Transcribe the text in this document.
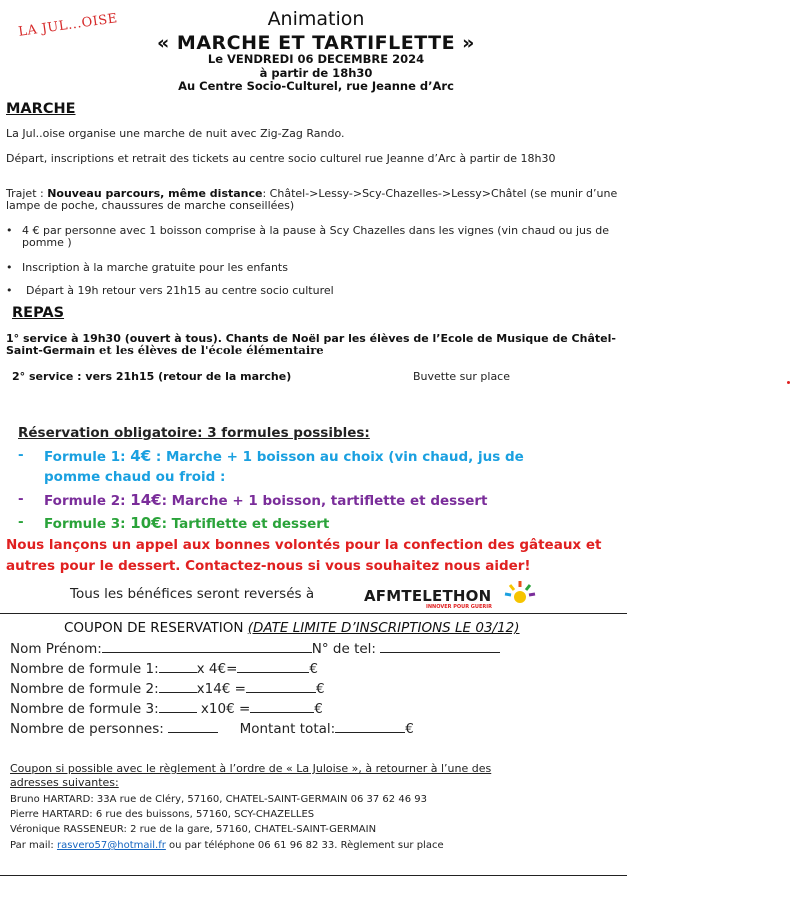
LA JUL...OISE	Animation
« MARCHE ET TARTIFLETTE »
Le VENDREDI 06 DECEMBRE 2024
à partir de 18h30
Au Centre Socio-Culturel, rue Jeanne d’Arc
MARCHE
La Jul..oise organise une marche de nuit avec Zig-Zag Rando.
Départ, inscriptions et retrait des tickets au centre socio culturel rue Jeanne d’Arc à partir de 18h30
Trajet : Nouveau parcours, même distance: Châtel->Lessy->Scy-Chazelles->Lessy>Châtel (se munir d’une lampe de poche, chaussures de marche conseillées)
• 4 € par personne avec 1 boisson comprise à la pause à Scy Chazelles dans les vignes (vin chaud ou jus de pomme )
• Inscription à la marche gratuite pour les enfants
• Départ à 19h retour vers 21h15 au centre socio culturel
REPAS
1° service à 19h30 (ouvert à tous). Chants de Noël par les élèves de l’Ecole de Musique de Châtel-Saint-Germain et les élèves de l'école élémentaire
2° service : vers 21h15 (retour de la marche)	Buvette sur place
Réservation obligatoire: 3 formules possibles:
- Formule 1: 4€ : Marche + 1 boisson au choix (vin chaud, jus de
pomme chaud ou froid :
- Formule 2: 14€: Marche + 1 boisson, tartiflette et dessert
- Formule 3: 10€: Tartiflette et dessert
Nous lançons un appel aux bonnes volontés pour la confection des gâteaux et
autres pour le dessert. Contactez-nous si vous souhaitez nous aider!
Tous les bénéfices seront reversés à	AFMTELETHON
INNOVER POUR GUERIR
COUPON DE RESERVATION (DATE LIMITE D’INSCRIPTIONS LE 03/12)
Nom Prénom:	N° de tel:
Nombre de formule 1:	x 4€=	€
Nombre de formule 2:	x14€ =	€
Nombre de formule 3:	x10€ =	€
Nombre de personnes:	Montant total:	€
Coupon si possible avec le règlement à l’ordre de « La Juloise », à retourner à l’une des
adresses suivantes:
Bruno HARTARD: 33A rue de Cléry, 57160, CHATEL-SAINT-GERMAIN 06 37 62 46 93
Pierre HARTARD: 6 rue des buissons, 57160, SCY-CHAZELLES
Véronique RASSENEUR: 2 rue de la gare, 57160, CHATEL-SAINT-GERMAIN
Par mail: rasvero57@hotmail.fr ou par téléphone 06 61 96 82 33. Règlement sur place
